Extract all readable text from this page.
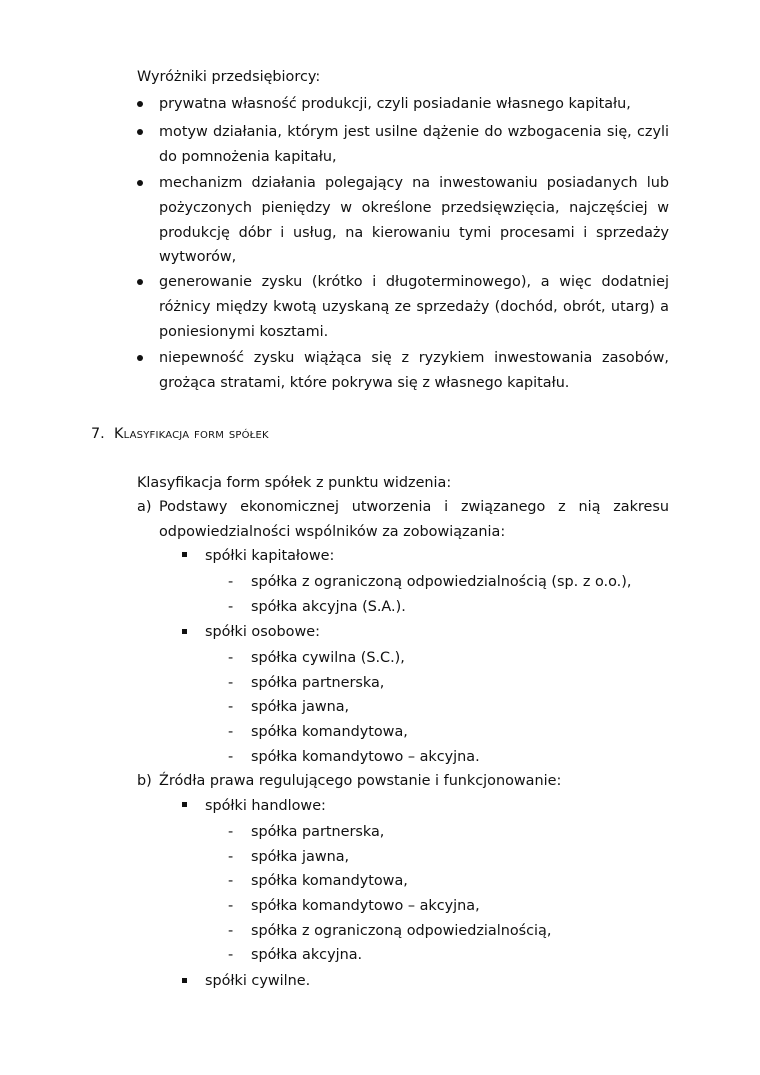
Wyróżniki przedsiębiorcy:
prywatna własność produkcji, czyli posiadanie własnego kapitału,
motyw działania, którym jest usilne dążenie do wzbogacenia się, czyli
do pomnożenia kapitału,
mechanizm działania polegający na inwestowaniu posiadanych lub
pożyczonych pieniędzy w określone przedsięwzięcia, najczęściej w
produkcję dóbr i usług, na kierowaniu tymi procesami i sprzedaży
wytworów,
generowanie zysku (krótko i długoterminowego), a więc dodatniej
różnicy między kwotą uzyskaną ze sprzedaży (dochód, obrót, utarg) a
poniesionymi kosztami.
niepewność zysku wiążąca się z ryzykiem inwestowania zasobów,
grożąca stratami, które pokrywa się z własnego kapitału.
7. Klasyfikacja form spółek
Klasyfikacja form spółek z punktu widzenia:
a) Podstawy ekonomicznej utworzenia i związanego z nią zakresu
odpowiedzialności wspólników za zobowiązania:
spółki kapitałowe:
- spółka z ograniczoną odpowiedzialnością (sp. z o.o.),
- spółka akcyjna (S.A.).
spółki osobowe:
- spółka cywilna (S.C.),
- spółka partnerska,
- spółka jawna,
- spółka komandytowa,
- spółka komandytowo – akcyjna.
b) Źródła prawa regulującego powstanie i funkcjonowanie:
spółki handlowe:
- spółka partnerska,
- spółka jawna,
- spółka komandytowa,
- spółka komandytowo – akcyjna,
- spółka z ograniczoną odpowiedzialnością,
- spółka akcyjna.
spółki cywilne.
